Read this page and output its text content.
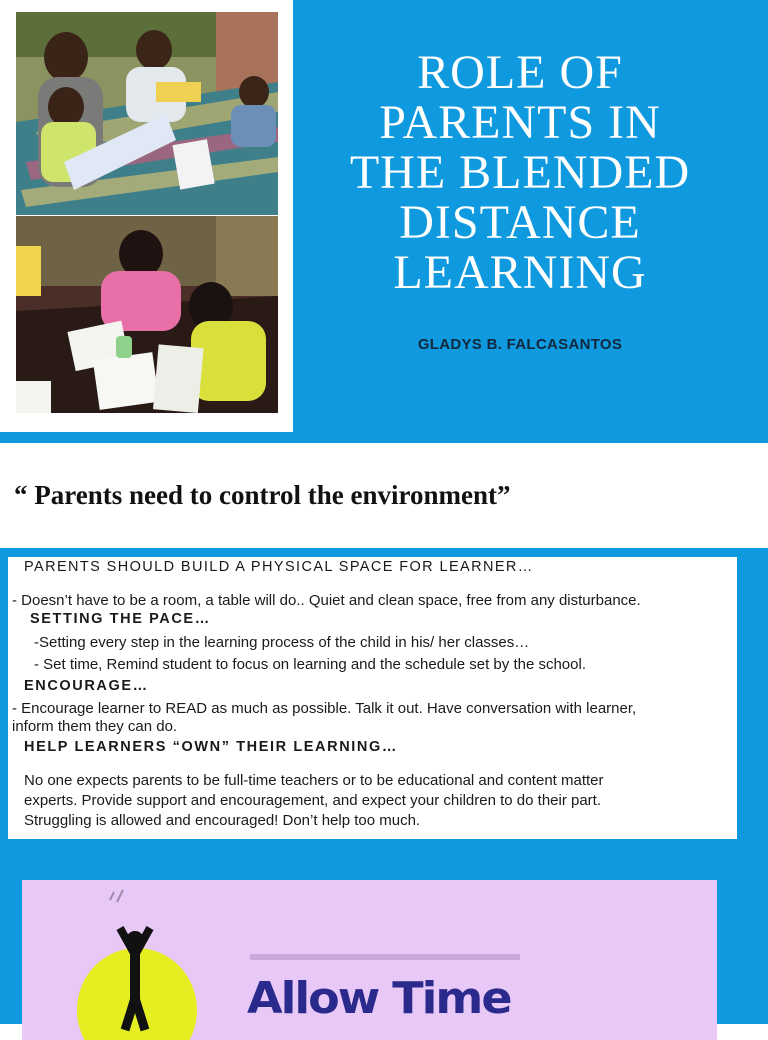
ROLE OF
PARENTS IN
THE BLENDED
DISTANCE
LEARNING
GLADYS B. FALCASANTOS
“ Parents need to control the environment”
PARENTS SHOULD BUILD A PHYSICAL SPACE FOR LEARNER…
- Doesn’t have to be a room, a table will do.. Quiet and clean space, free from any disturbance.
SETTING THE PACE…
-Setting every step in the learning process of the child in his/ her classes…
- Set time, Remind student to focus on learning and the schedule set by the school.
ENCOURAGE…
- Encourage learner to READ as much as possible. Talk it out. Have conversation with learner,
inform them they can do.
HELP LEARNERS “OWN” THEIR LEARNING…
No one expects parents to be full-time teachers or to be educational and content matter
experts. Provide support and encouragement, and expect your children to do their part.
Struggling is allowed and encouraged! Don’t help too much.
Allow Time
